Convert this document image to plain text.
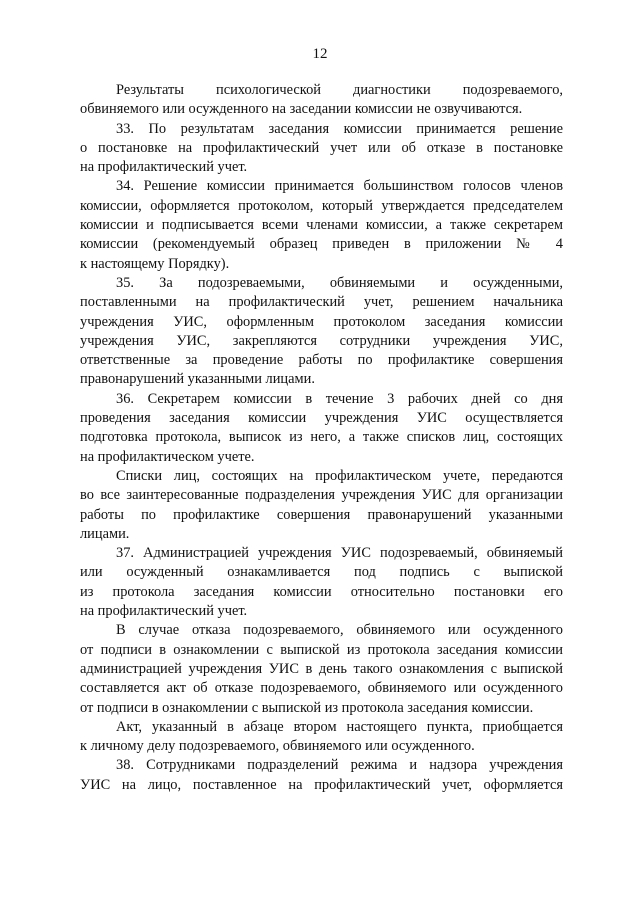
12

Результаты психологической диагностики подозреваемого,
обвиняемого или осужденного на заседании комиссии не озвучиваются.

33. По результатам заседания комиссии принимается решение
о постановке на профилактический учет или об отказе в постановке
на профилактический учет.

34. Решение комиссии принимается большинством голосов членов
комиссии, оформляется протоколом, который утверждается председателем
комиссии и подписывается всеми членами комиссии, а также секретарем
комиссии (рекомендуемый образец приведен в приложении № 4
к настоящему Порядку).

35. За подозреваемыми, обвиняемыми и осужденными,
поставленными на профилактический учет, решением начальника
учреждения УИС, оформленным протоколом заседания комиссии
учреждения УИС, закрепляются сотрудники учреждения УИС,
ответственные за проведение работы по профилактике совершения
правонарушений указанными лицами.

36. Секретарем комиссии в течение 3 рабочих дней со дня
проведения заседания комиссии учреждения УИС осуществляется
подготовка протокола, выписок из него, а также списков лиц, состоящих
на профилактическом учете.

Списки лиц, состоящих на профилактическом учете, передаются
во все заинтересованные подразделения учреждения УИС для организации
работы по профилактике совершения правонарушений указанными
лицами.

37. Администрацией учреждения УИС подозреваемый, обвиняемый
или осужденный ознакамливается под подпись с выпиской
из протокола заседания комиссии относительно постановки его
на профилактический учет.

В случае отказа подозреваемого, обвиняемого или осужденного
от подписи в ознакомлении с выпиской из протокола заседания комиссии
администрацией учреждения УИС в день такого ознакомления с выпиской
составляется акт об отказе подозреваемого, обвиняемого или осужденного
от подписи в ознакомлении с выпиской из протокола заседания комиссии.

Акт, указанный в абзаце втором настоящего пункта, приобщается
к личному делу подозреваемого, обвиняемого или осужденного.

38. Сотрудниками подразделений режима и надзора учреждения
УИС на лицо, поставленное на профилактический учет, оформляется
